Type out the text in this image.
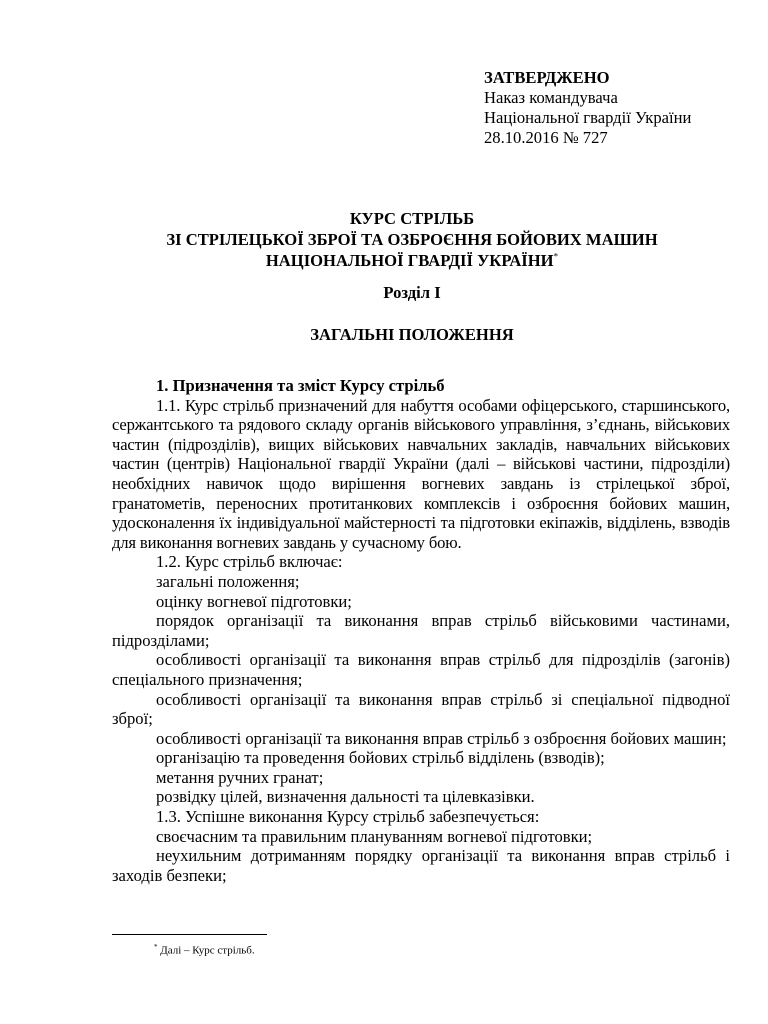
ЗАТВЕРДЖЕНО
Наказ командувача
Національної гвардії України
28.10.2016 № 727
КУРС СТРІЛЬБ
ЗІ СТРІЛЕЦЬКОЇ ЗБРОЇ ТА ОЗБРОЄННЯ БОЙОВИХ МАШИН
НАЦІОНАЛЬНОЇ ГВАРДІЇ УКРАЇНИ*
Розділ І
ЗАГАЛЬНІ ПОЛОЖЕННЯ

1. Призначення та зміст Курсу стрільб

1.1. Курс стрільб призначений для набуття особами офіцерського, старшинського, сержантського та рядового складу органів військового управління, з’єднань, військових частин (підрозділів), вищих військових навчальних закладів, навчальних військових частин (центрів) Національної гвардії України (далі – військові частини, підрозділи) необхідних навичок щодо вирішення вогневих завдань із стрілецької зброї, гранатометів, переносних протитанкових комплексів і озброєння бойових машин, удосконалення їх індивідуальної майстерності та підготовки екіпажів, відділень, взводів для виконання вогневих завдань у сучасному бою.

1.2. Курс стрільб включає:

загальні положення;

оцінку вогневої підготовки;

порядок організації та виконання вправ стрільб військовими частинами, підрозділами;

особливості організації та виконання вправ стрільб для підрозділів (загонів) спеціального призначення;

особливості організації та виконання вправ стрільб зі спеціальної підводної зброї;

особливості організації та виконання вправ стрільб з озброєння бойових машин;

організацію та проведення бойових стрільб відділень (взводів);

метання ручних гранат;

розвідку цілей, визначення дальності та цілевказівки.

1.3. Успішне виконання Курсу стрільб забезпечується:

своєчасним та правильним плануванням вогневої підготовки;

неухильним дотриманням порядку організації та виконання вправ стрільб і заходів безпеки;

* Далі – Курс стрільб.
